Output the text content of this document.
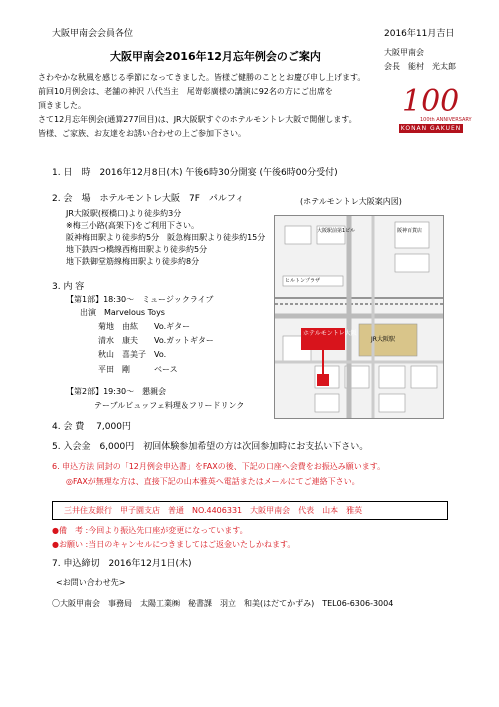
大阪甲南会会員各位	2016年11月吉日
大阪甲南会2016年12月忘年例会のご案内	大阪甲南会
会長　能村　光太郎
100
100th ANNIVERSARY
KONAN GAKUEN
さわやかな秋風を感じる季節になってきました。皆様ご健勝のこととお慶び申し上げます。
前回10月例会は、老舗の神沢 八代当主　尾嵜彰廣様の講演に92名の方にご出席を
頂きました。
さて12月忘年例会(通算277回目)は、JR大阪駅すぐのホテルモントレ大阪で開催します。
皆様、ご家族、お友達をお誘い合わせの上ご参加下さい。
1. 日　時　2016年12月8日(木) 午後6時30分開宴 (午後6時00分受付)
2. 会　場　ホテルモントレ大阪　7F　パルフィ	(ホテルモントレ大阪案内図)
JR大阪駅(桜橋口)より徒歩約3分
※梅三小路(高架下)をご利用下さい。
阪神梅田駅より徒歩約5分　阪急梅田駅より徒歩約15分
地下鉄四つ橋線西梅田駅より徒歩約5分
地下鉄御堂筋線梅田駅より徒歩約8分
ホテルモントレ大阪
JR大阪駅
阪神百貨店
ヒルトンプラザ
大阪駅前第1ビル
3. 内 容
【第1部】18:30～　ミュージックライブ
出演　Marvelous Toys
菊地　由紘　　Vo.ギター
清水　康夫　　Vo.ガットギター
秋山　喜美子　Vo.
平田　剛　　　ベース
【第2部】19:30～　懇親会
テーブルビュッフェ料理＆フリードリンク
4. 会 費　 7,000円
5. 入会金　6,000円　初回体験参加希望の方は次回参加時にお支払い下さい。
6. 申込方法 同封の「12月例会申込書」をFAXの後、下記の口座へ会費をお振込み願います。
◎FAXが無理な方は、直接下記の山本雅英へ電話またはメールにてご連絡下さい。
三井住友銀行　甲子園支店　普通　NO.4406331　大阪甲南会　代表　山本　雅英
●備　考 :今回より振込先口座が変更になっています。
●お願い :当日のキャンセルにつきましてはご返金いたしかねます。
7. 申込締切　2016年12月1日(木)
<お問い合わせ先>
〇大阪甲南会　事務局　太陽工業㈱　秘書課　羽立　和美(はだてかずみ)　TEL06-6306-3004
